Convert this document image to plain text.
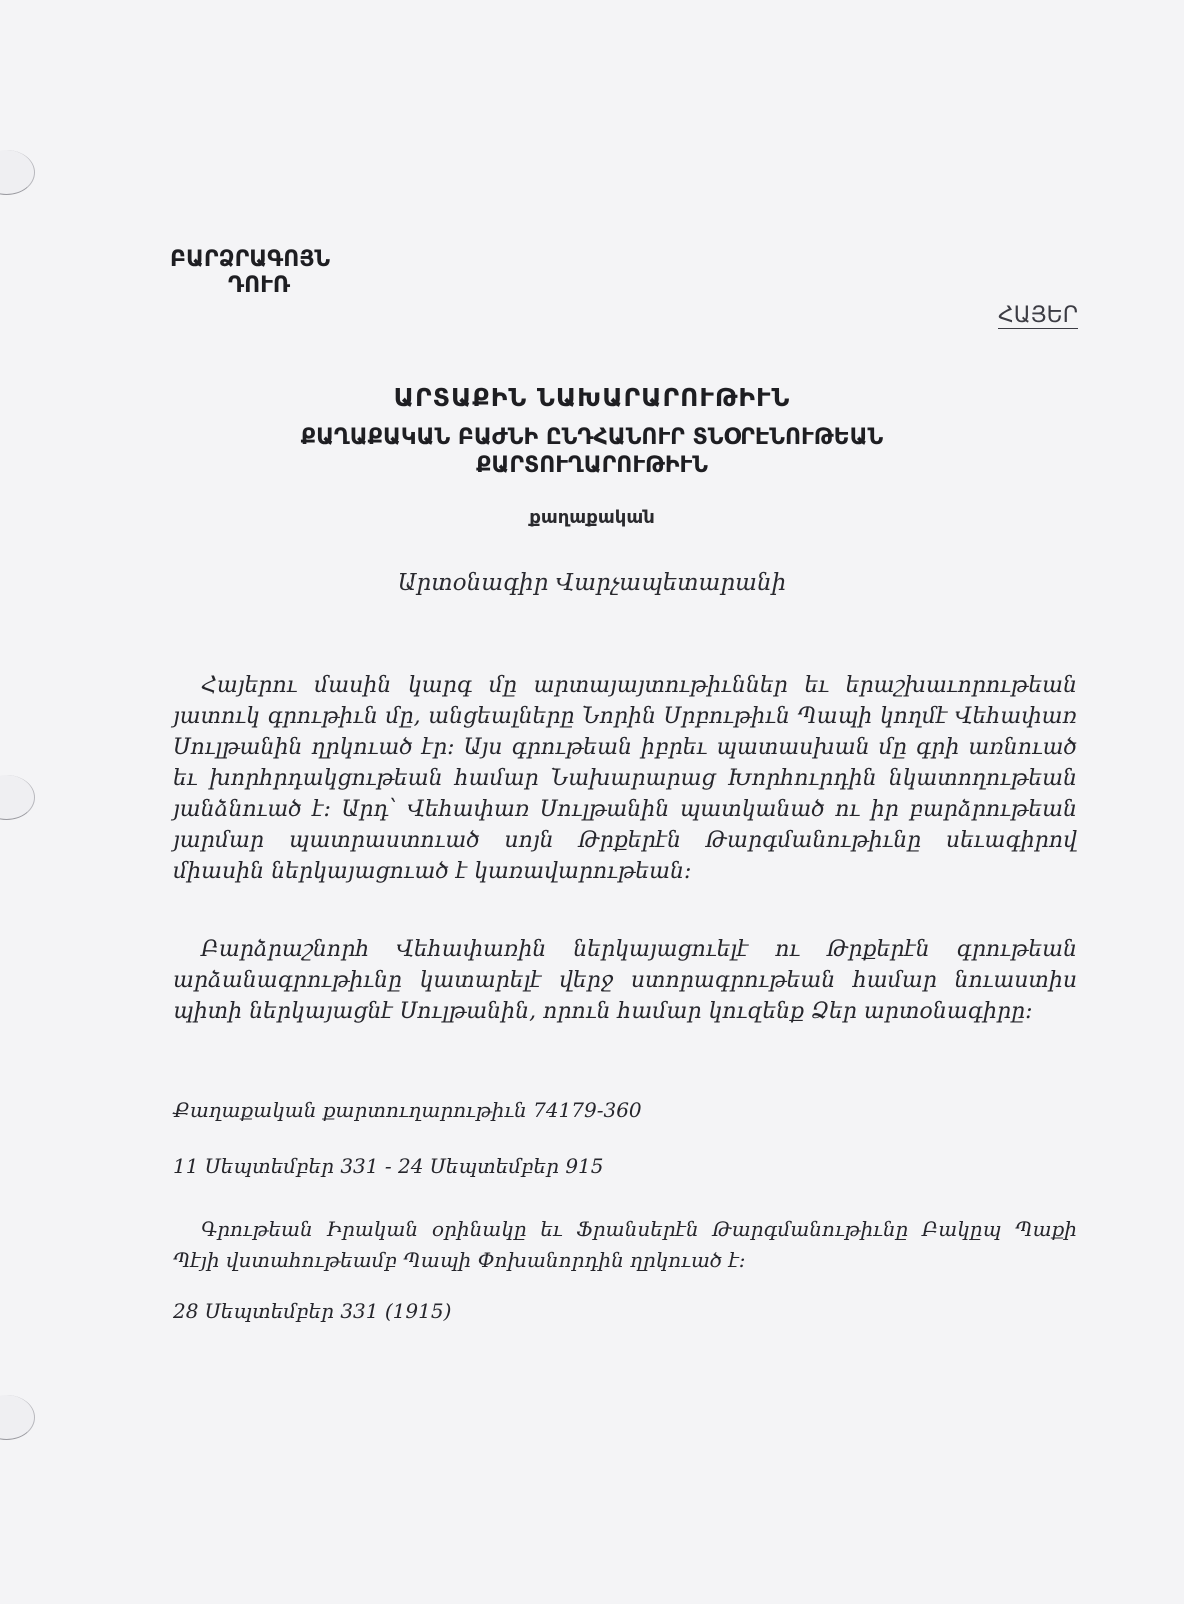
ԲԱՐՁՐԱԳՈՅՆ
ԴՈՒՌ
ՀԱՅԵՐ
ԱՐՏԱՔԻՆ ՆԱԽԱՐԱՐՈՒԹԻՒՆ
ՔԱՂԱՔԱԿԱՆ ԲԱԺՆԻ ԸՆԴՀԱՆՈՒՐ ՏՆՕՐԷՆՈՒԹԵԱՆ
ՔԱՐՏՈՒՂԱՐՈՒԹԻՒՆ
քաղաքական
Արտօնագիր Վարչապետարանի
Հայերու մասին կարգ մը արտայայտութիւններ եւ երաշխաւորութեան յատուկ գրութիւն մը, անցեալները Նորին Սրբութիւն Պապի կողմէ Վեհափառ Սուլթանին ղրկուած էր: Այս գրութեան իբրեւ պատասխան մը գրի առնուած եւ խորհրդակցութեան համար Նախարարաց Խորհուրդին նկատողութեան յանձնուած է: Արդ՝ Վեհափառ Սուլթանին պատկանած ու իր բարձրութեան յարմար պատրաստուած սոյն Թրքերէն Թարգմանութիւնը սեւագիրով միասին ներկայացուած է կառավարութեան:
Բարձրաշնորհ Վեհափառին ներկայացուելէ ու Թրքերէն գրութեան արձանագրութիւնը կատարելէ վերջ ստորագրութեան համար նուաստիս պիտի ներկայացնէ Սուլթանին, որուն համար կուզենք Ձեր արտօնագիրը:
Քաղաքական քարտուղարութիւն 74179-360
11 Սեպտեմբեր 331 - 24 Սեպտեմբեր 915
Գրութեան Իրական օրինակը եւ Ֆրանսերէն Թարգմանութիւնը Բակըպ Պաքի Պէյի վստահութեամբ Պապի Փոխանորդին ղրկուած է:
28 Սեպտեմբեր 331 (1915)
